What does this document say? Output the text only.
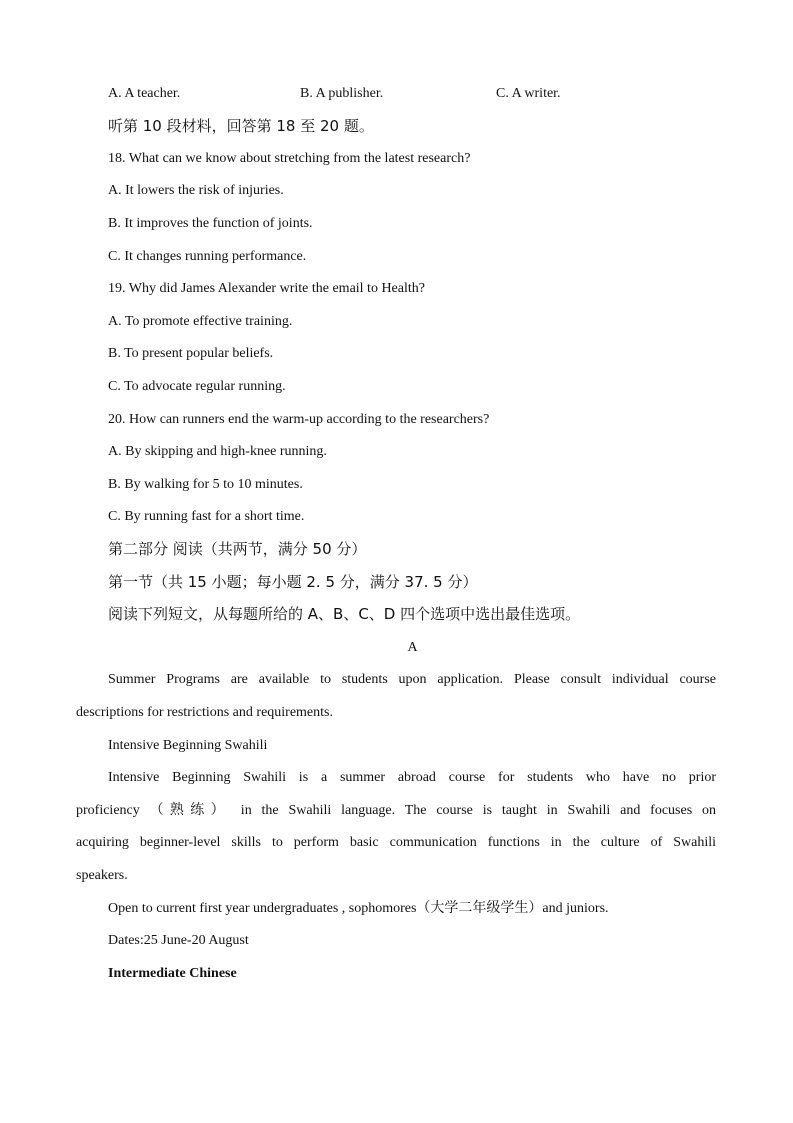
A. A teacher.	B. A publisher.	C. A writer.
听第 10 段材料，回答第 18 至 20 题。
18. What can we know about stretching from the latest research?
A. It lowers the risk of injuries.
B. It improves the function of joints.
C. It changes running performance.
19. Why did James Alexander write the email to Health?
A. To promote effective training.
B. To present popular beliefs.
C. To advocate regular running.
20. How can runners end the warm-up according to the researchers?
A. By skipping and high-knee running.
B. By walking for 5 to 10 minutes.
C. By running fast for a short time.
第二部分 阅读（共两节，满分 50 分）
第一节（共 15 小题；每小题 2. 5 分，满分 37. 5 分）
阅读下列短文，从每题所给的 A、B、C、D 四个选项中选出最佳选项。
A
Summer Programs are available to students upon application. Please consult individual course
descriptions for restrictions and requirements.
Intensive Beginning Swahili
Intensive Beginning Swahili is a summer abroad course for students who have no prior
proficiency （熟练） in the Swahili language. The course is taught in Swahili and focuses on
acquiring beginner-level skills to perform basic communication functions in the culture of Swahili
speakers.
Open to current first year undergraduates , sophomores（大学二年级学生）and juniors.
Dates:25 June-20 August
Intermediate Chinese
